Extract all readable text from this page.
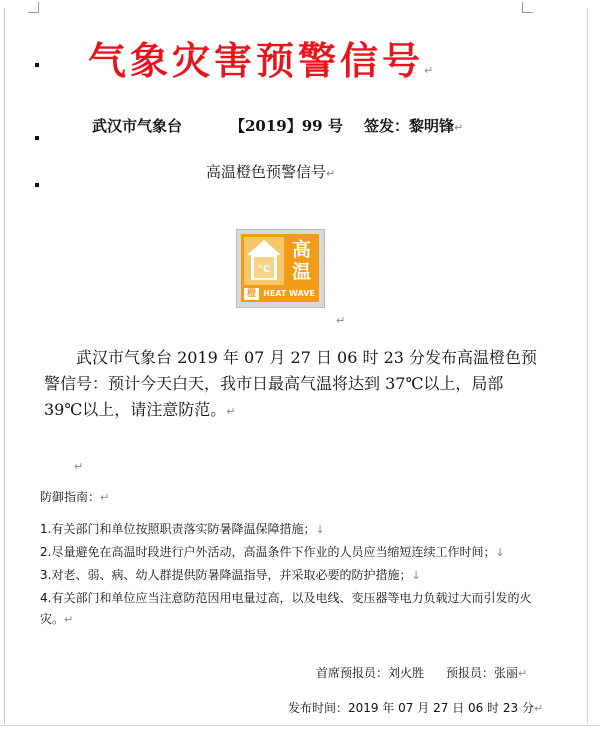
气象灾害预警信号↵
武汉市气象台	【2019】99 号 签发：黎明锋↵
高温橙色预警信号↵
°C
高
温
橙 HEAT WAVE
↵

武汉市气象台 2019 年 07 月 27 日 06 时 23 分发布高温橙色预警信号：预计今天白天，我市日最高气温将达到 37℃以上，局部 39℃以上，请注意防范。↵

↵
防御指南：↵
1.有关部门和单位按照职责落实防暑降温保障措施；↓
2.尽量避免在高温时段进行户外活动，高温条件下作业的人员应当缩短连续工作时间；↓
3.对老、弱、病、幼人群提供防暑降温指导，并采取必要的防护措施；↓
4.有关部门和单位应当注意防范因用电量过高，以及电线、变压器等电力负载过大而引发的火灾。↵
首席预报员：刘火胜 预报员：张丽↵
发布时间：2019 年 07 月 27 日 06 时 23 分↵
